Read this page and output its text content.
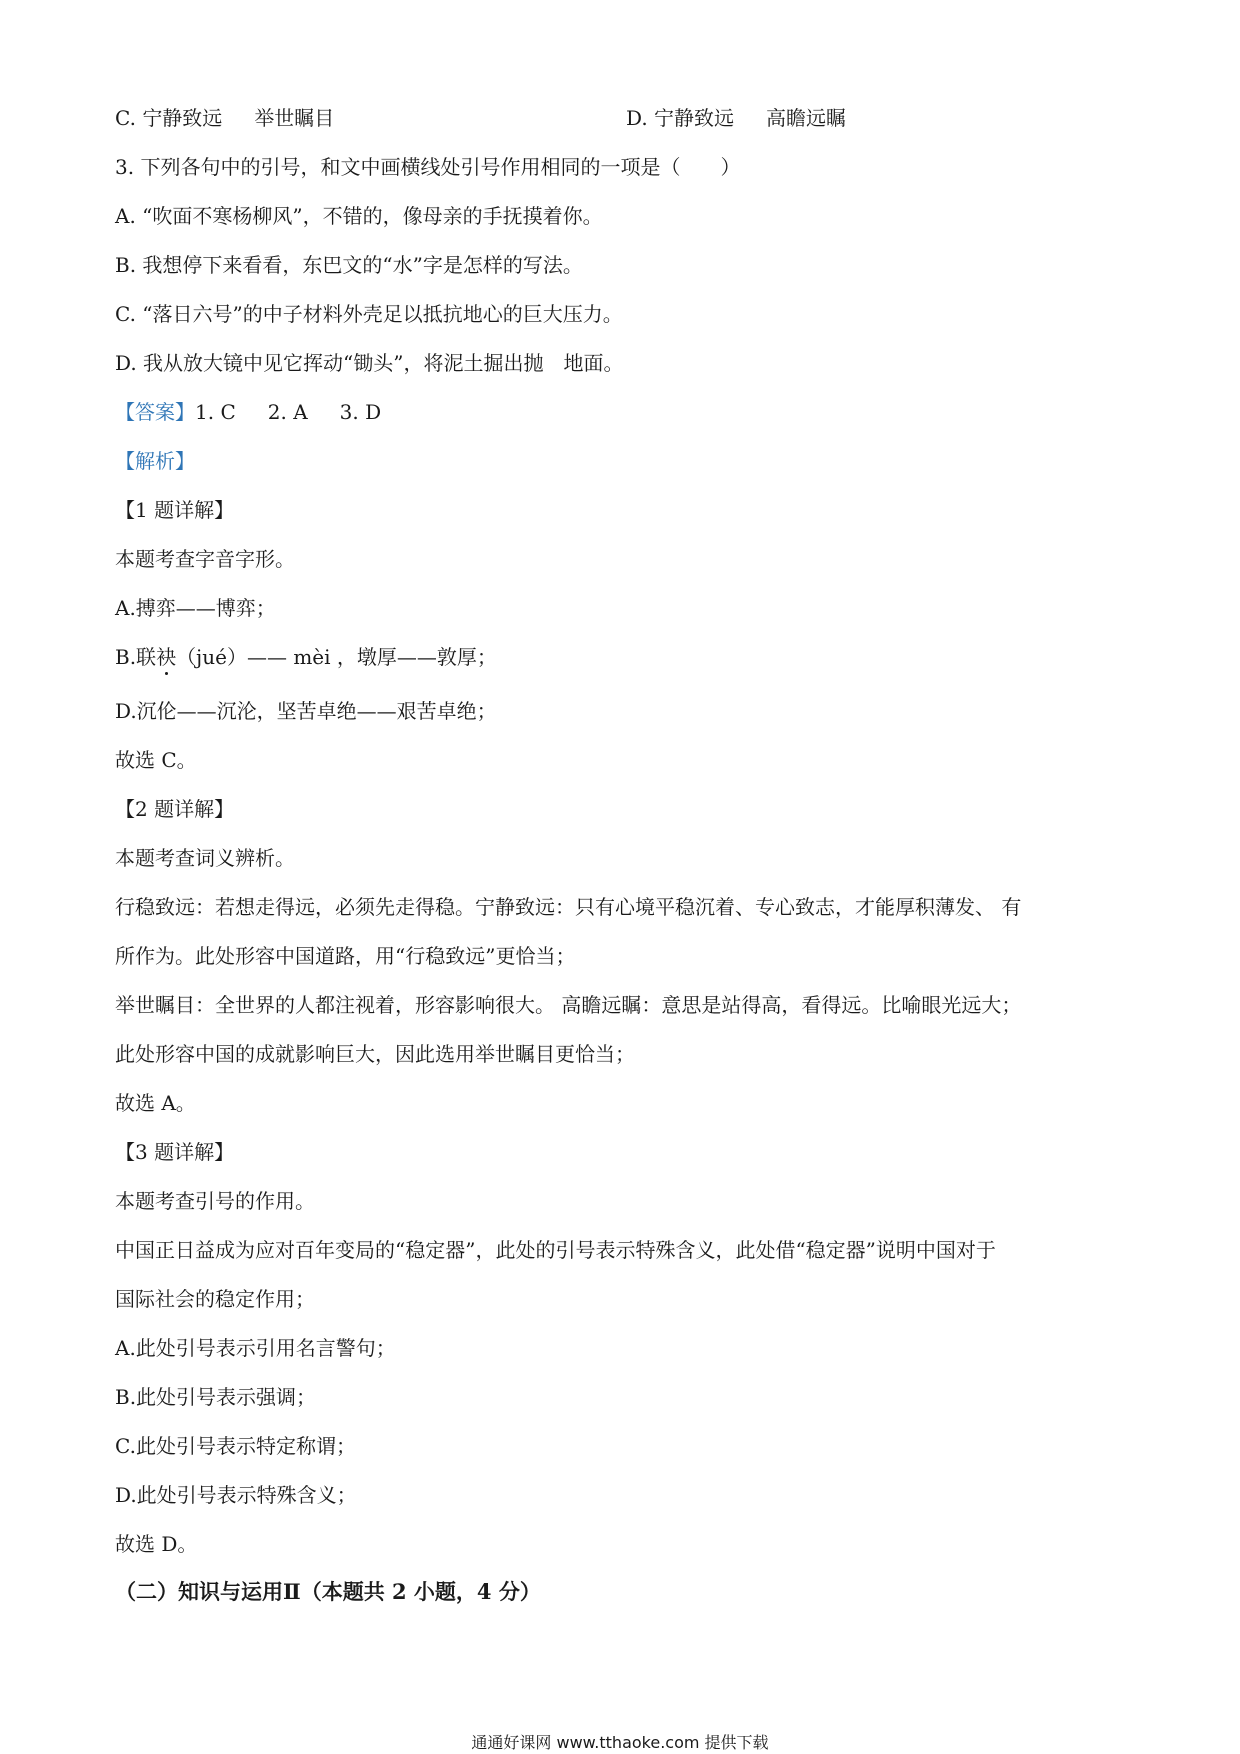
C. 宁静致远 举世瞩目	D. 宁静致远 高瞻远瞩
3. 下列各句中的引号，和文中画横线处引号作用相同的一项是（　　）
A. “吹面不寒杨柳风”，不错的，像母亲的手抚摸着你。
B. 我想停下来看看，东巴文的“水”字是怎样的写法。
C. “落日六号”的中子材料外壳足以抵抗地心的巨大压力。
D. 我从放大镜中见它挥动“锄头”，将泥土掘出抛　地面。
【答案】1. C 2. A 3. D
【解析】
【1 题详解】
本题考查字音字形。
A.搏弈——博弈；
B.联袂（jué）—— mèi ，墩厚——敦厚；
D.沉伦——沉沦，坚苦卓绝——艰苦卓绝；
故选 C。
【2 题详解】
本题考查词义辨析。
行稳致远：若想走得远，必须先走得稳。宁静致远：只有心境平稳沉着、专心致志，才能厚积薄发、 有
所作为。此处形容中国道路，用“行稳致远”更恰当；
举世瞩目：全世界的人都注视着，形容影响很大。 高瞻远瞩：意思是站得高，看得远。比喻眼光远大；
此处形容中国的成就影响巨大，因此选用举世瞩目更恰当；
故选 A。
【3 题详解】
本题考查引号的作用。
中国正日益成为应对百年变局的“稳定器”，此处的引号表示特殊含义，此处借“稳定器”说明中国对于
国际社会的稳定作用；
A.此处引号表示引用名言警句；
B.此处引号表示强调；
C.此处引号表示特定称谓；
D.此处引号表示特殊含义；
故选 D。
（二）知识与运用Ⅱ（本题共 2 小题，4 分）
通通好课网 www.tthaoke.com 提供下载
